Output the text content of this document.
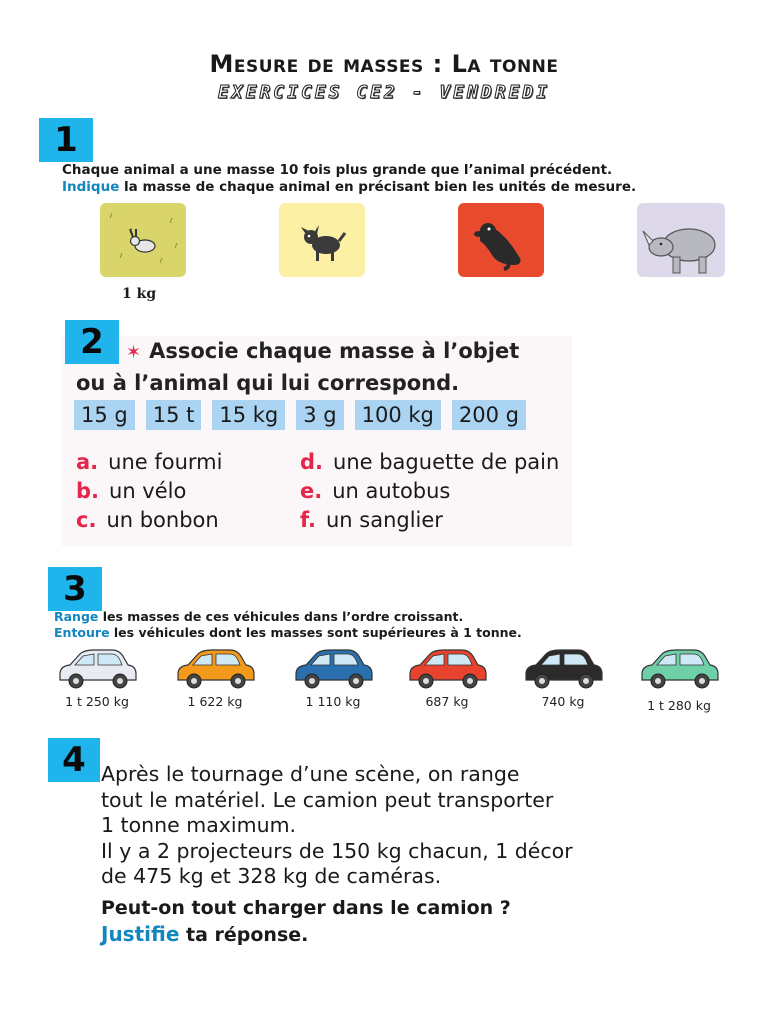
Mesure de masses : La tonne
EXERCICES CE2 - VENDREDI
1
Chaque animal a une masse 10 fois plus grande que l’animal précédent.
Indique la masse de chaque animal en précisant bien les unités de mesure.
1 kg
2	✶ Associe chaque masse à l’objet
ou à l’animal qui lui correspond.
15 g	15 t	15 kg	3 g	100 kg	200 g
a. une fourmi
b. un vélo
c. un bonbon
d. une baguette de pain
e. un autobus
f. un sanglier
3
Range les masses de ces véhicules dans l’ordre croissant.
Entoure les véhicules dont les masses sont supérieures à 1 tonne.
1 t 250 kg	1 622 kg	1 110 kg	687 kg	740 kg	1 t 280 kg
4 Après le tournage d’une scène, on range
tout le matériel. Le camion peut transporter
1 tonne maximum.
Il y a 2 projecteurs de 150 kg chacun, 1 décor
de 475 kg et 328 kg de caméras.
Peut-on tout charger dans le camion ?
Justifie ta réponse.
